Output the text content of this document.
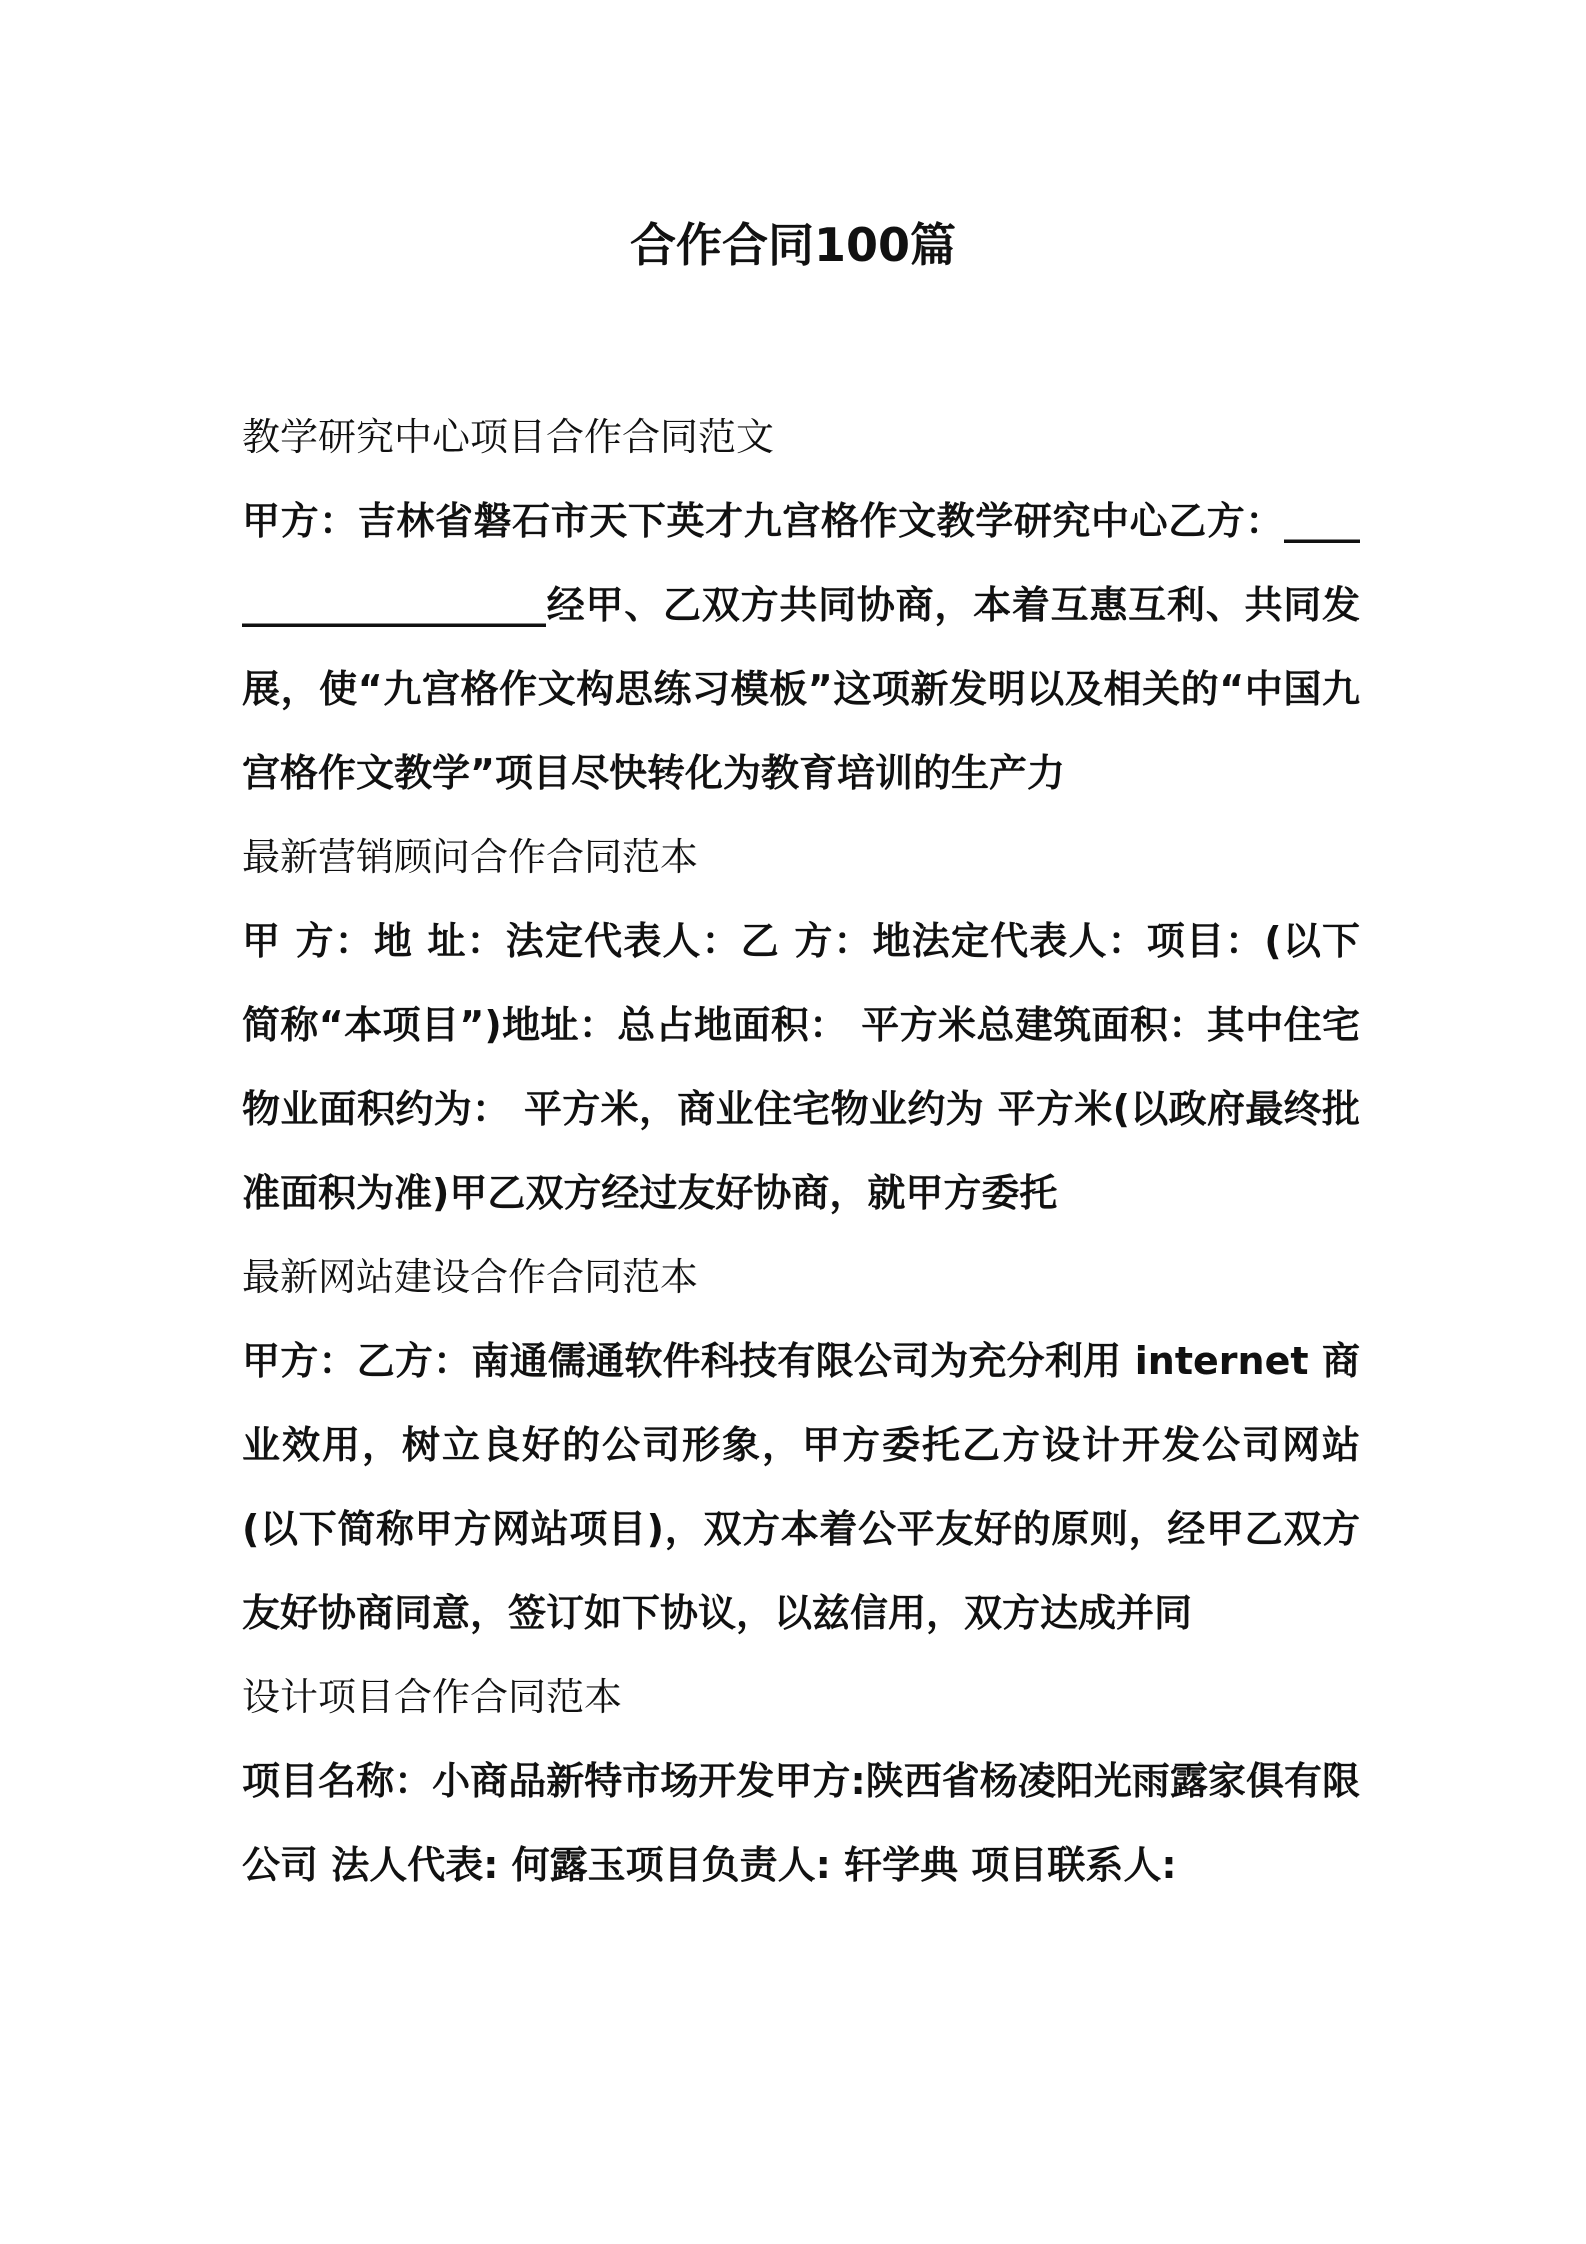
合作合同100篇

教学研究中心项目合作合同范文

甲方：吉林省磐石市天下英才九宫格作文教学研究中心乙方：____________________经甲、乙双方共同协商，本着互惠互利、共同发展，使“九宫格作文构思练习模板”这项新发明以及相关的“中国九宫格作文教学”项目尽快转化为教育培训的生产力

最新营销顾问合作合同范本

甲 方：地 址：法定代表人：乙 方：地法定代表人：项目：(以下简称“本项目”)地址：总占地面积： 平方米总建筑面积：其中住宅物业面积约为： 平方米，商业住宅物业约为 平方米(以政府最终批准面积为准)甲乙双方经过友好协商，就甲方委托

最新网站建设合作合同范本

甲方：乙方：南通儒通软件科技有限公司为充分利用 internet 商业效用，树立良好的公司形象，甲方委托乙方设计开发公司网站(以下简称甲方网站项目)，双方本着公平友好的原则，经甲乙双方友好协商同意，签订如下协议，以兹信用，双方达成并同

设计项目合作合同范本

项目名称：小商品新特市场开发甲方:陕西省杨凌阳光雨露家俱有限公司 法人代表: 何露玉项目负责人: 轩学典 项目联系人:
